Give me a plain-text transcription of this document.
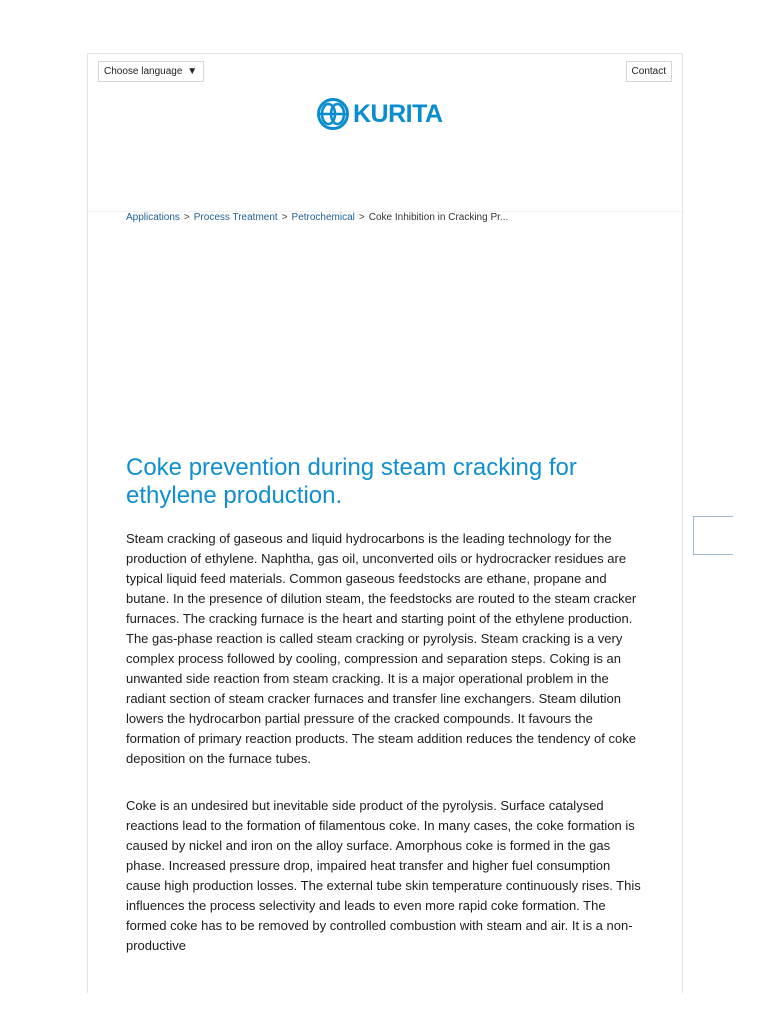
Choose language ▼	Contact
KURITA
Applications > Process Treatment > Petrochemical > Coke Inhibition in Cracking Pr...
Coke prevention during steam cracking for ethylene production.

Steam cracking of gaseous and liquid hydrocarbons is the leading technology for the production of ethylene. Naphtha, gas oil, unconverted oils or hydrocracker residues are typical liquid feed materials. Common gaseous feedstocks are ethane, propane and butane. In the presence of dilution steam, the feedstocks are routed to the steam cracker furnaces. The cracking furnace is the heart and starting point of the ethylene production. The gas-phase reaction is called steam cracking or pyrolysis. Steam cracking is a very complex process followed by cooling, compression and separation steps. Coking is an unwanted side reaction from steam cracking. It is a major operational problem in the radiant section of steam cracker furnaces and transfer line exchangers. Steam dilution lowers the hydrocarbon partial pressure of the cracked compounds. It favours the formation of primary reaction products. The steam addition reduces the tendency of coke deposition on the furnace tubes.

Coke is an undesired but inevitable side product of the pyrolysis. Surface catalysed reactions lead to the formation of filamentous coke. In many cases, the coke formation is caused by nickel and iron on the alloy surface. Amorphous coke is formed in the gas phase. Increased pressure drop, impaired heat transfer and higher fuel consumption cause high production losses. The external tube skin temperature continuously rises. This influences the process selectivity and leads to even more rapid coke formation. The formed coke has to be removed by controlled combustion with steam and air. It is a non-productive
